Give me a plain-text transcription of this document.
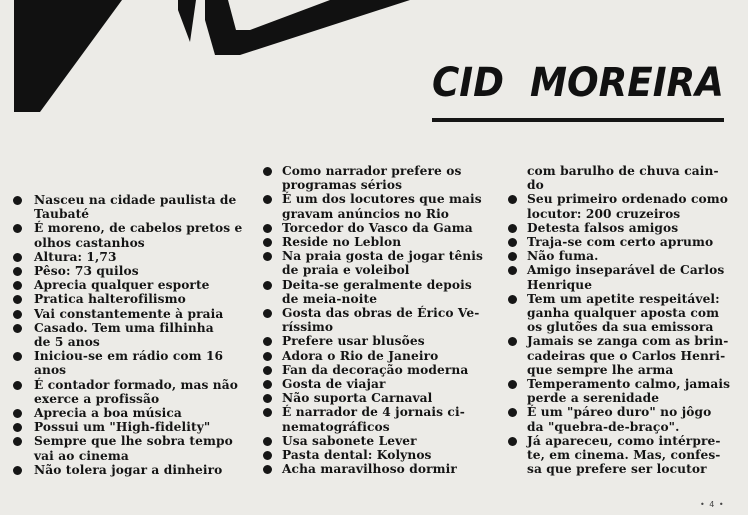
CID MOREIRA
Nasceu na cidade paulista de
Taubaté
É moreno, de cabelos pretos e
olhos castanhos
Altura: 1,73
Pêso: 73 quilos
Aprecia qualquer esporte
Pratica halterofilismo
Vai constantemente à praia
Casado. Tem uma filhinha
de 5 anos
Iniciou-se em rádio com 16
anos
É contador formado, mas não
exerce a profissão
Aprecia a boa música
Possui um "High-fidelity"
Sempre que lhe sobra tempo
vai ao cinema
Não tolera jogar a dinheiro
Como narrador prefere os
programas sérios
É um dos locutores que mais
gravam anúncios no Rio
Torcedor do Vasco da Gama
Reside no Leblon
Na praia gosta de jogar tênis
de praia e voleibol
Deita-se geralmente depois
de meia-noite
Gosta das obras de Érico Ve-
ríssimo
Prefere usar blusões
Adora o Rio de Janeiro
Fan da decoração moderna
Gosta de viajar
Não suporta Carnaval
É narrador de 4 jornais ci-
nematográficos
Usa sabonete Lever
Pasta dental: Kolynos
Acha maravilhoso dormir
com barulho de chuva cain-
do
Seu primeiro ordenado como
locutor: 200 cruzeiros
Detesta falsos amigos
Traja-se com certo aprumo
Não fuma.
Amigo inseparável de Carlos
Henrique
Tem um apetite respeitável:
ganha qualquer aposta com
os glutões da sua emissora
Jamais se zanga com as brin-
cadeiras que o Carlos Henri-
que sempre lhe arma
Temperamento calmo, jamais
perde a serenidade
É um "páreo duro" no jôgo
da "quebra-de-braço".
Já apareceu, como intérpre-
te, em cinema. Mas, confes-
sa que prefere ser locutor
• 4 •
